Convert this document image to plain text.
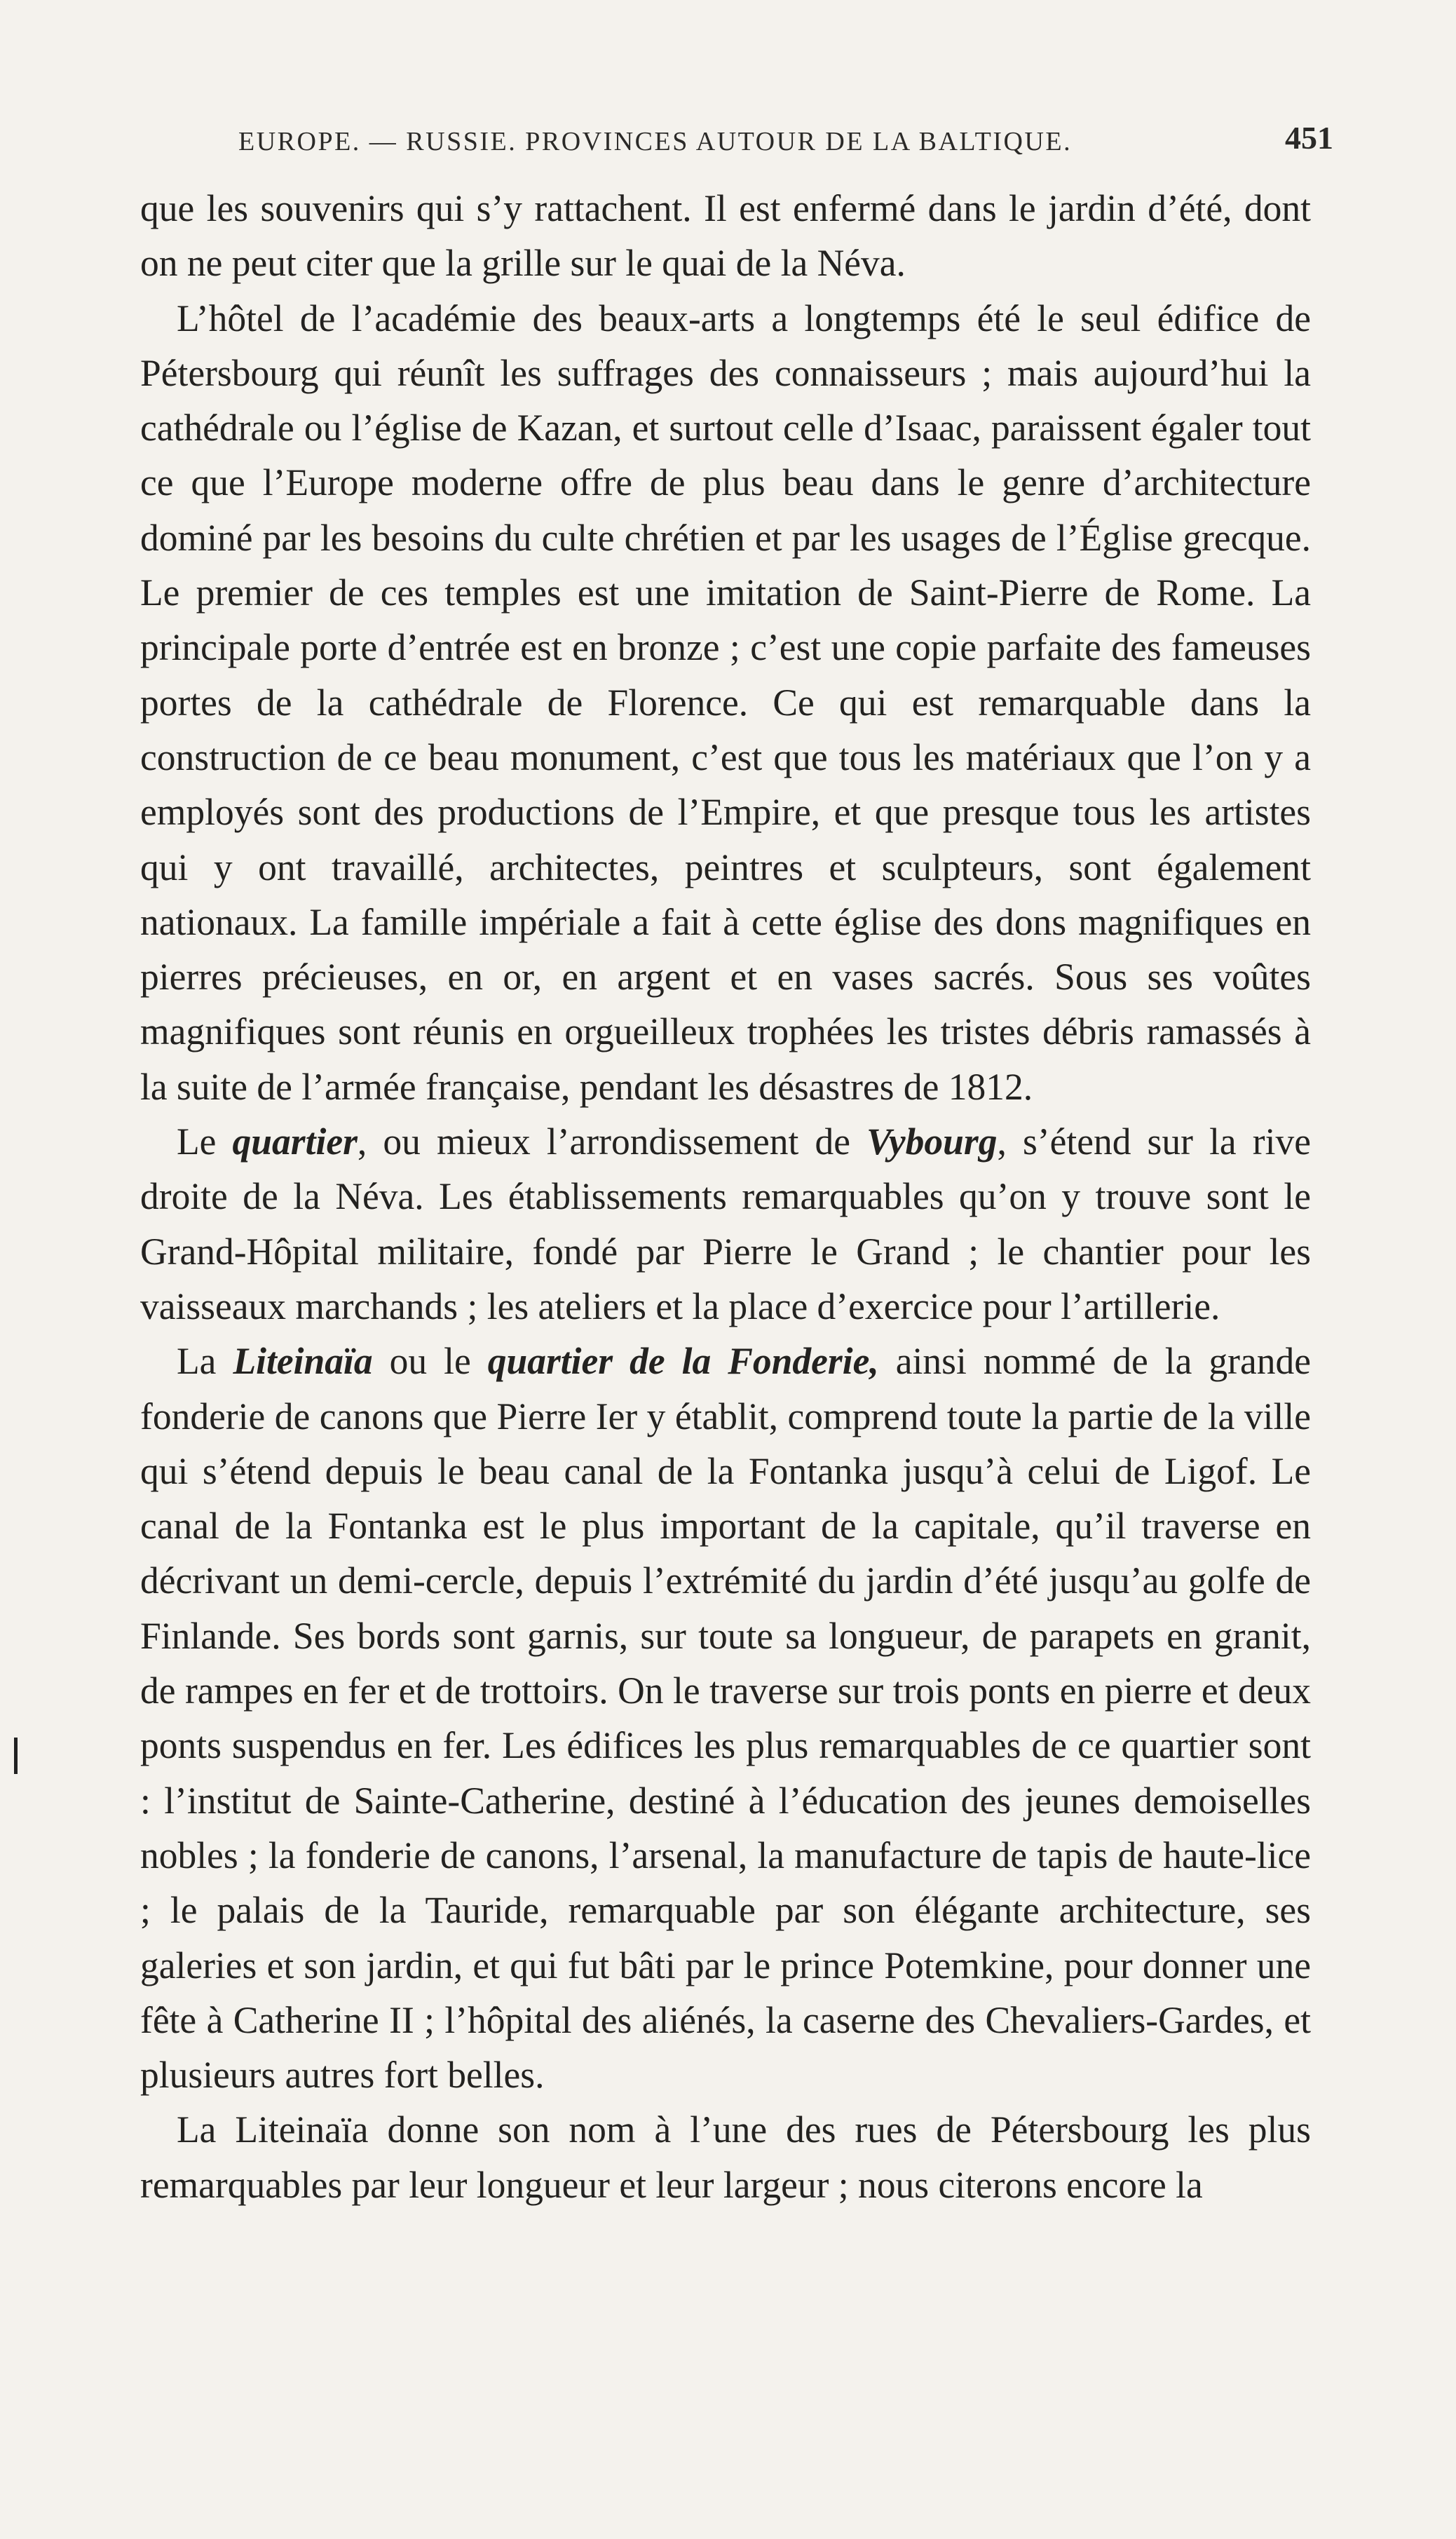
EUROPE. — RUSSIE. PROVINCES AUTOUR DE LA BALTIQUE.	451

que les souvenirs qui s’y rattachent. Il est enfermé dans le jardin d’été, dont on ne peut citer que la grille sur le quai de la Néva.

L’hôtel de l’académie des beaux-arts a longtemps été le seul édifice de Pétersbourg qui réunît les suffrages des connaisseurs ; mais aujourd’hui la cathédrale ou l’église de Kazan, et surtout celle d’Isaac, paraissent égaler tout ce que l’Europe moderne offre de plus beau dans le genre d’architecture dominé par les besoins du culte chrétien et par les usages de l’Église grecque. Le premier de ces temples est une imitation de Saint-Pierre de Rome. La principale porte d’entrée est en bronze ; c’est une copie parfaite des fameuses portes de la cathédrale de Florence. Ce qui est remarquable dans la construction de ce beau monument, c’est que tous les matériaux que l’on y a employés sont des productions de l’Empire, et que presque tous les artistes qui y ont travaillé, architectes, peintres et sculpteurs, sont également nationaux. La famille impériale a fait à cette église des dons magnifiques en pierres précieuses, en or, en argent et en vases sacrés. Sous ses voûtes magnifiques sont réunis en orgueilleux trophées les tristes débris ramassés à la suite de l’armée française, pendant les désastres de 1812.

Le quartier, ou mieux l’arrondissement de Vybourg, s’étend sur la rive droite de la Néva. Les établissements remarquables qu’on y trouve sont le Grand-Hôpital militaire, fondé par Pierre le Grand ; le chantier pour les vaisseaux marchands ; les ateliers et la place d’exercice pour l’artillerie.

La Liteinaïa ou le quartier de la Fonderie, ainsi nommé de la grande fonderie de canons que Pierre Ier y établit, comprend toute la partie de la ville qui s’étend depuis le beau canal de la Fontanka jusqu’à celui de Ligof. Le canal de la Fontanka est le plus important de la capitale, qu’il traverse en décrivant un demi-cercle, depuis l’extrémité du jardin d’été jusqu’au golfe de Finlande. Ses bords sont garnis, sur toute sa longueur, de parapets en granit, de rampes en fer et de trottoirs. On le traverse sur trois ponts en pierre et deux ponts suspendus en fer. Les édifices les plus remarquables de ce quartier sont : l’institut de Sainte-Catherine, destiné à l’éducation des jeunes demoiselles nobles ; la fonderie de canons, l’arsenal, la manufacture de tapis de haute-lice ; le palais de la Tauride, remarquable par son élégante architecture, ses galeries et son jardin, et qui fut bâti par le prince Potemkine, pour donner une fête à Catherine II ; l’hôpital des aliénés, la caserne des Chevaliers-Gardes, et plusieurs autres fort belles.

La Liteinaïa donne son nom à l’une des rues de Pétersbourg les plus remarquables par leur longueur et leur largeur ; nous citerons encore la
